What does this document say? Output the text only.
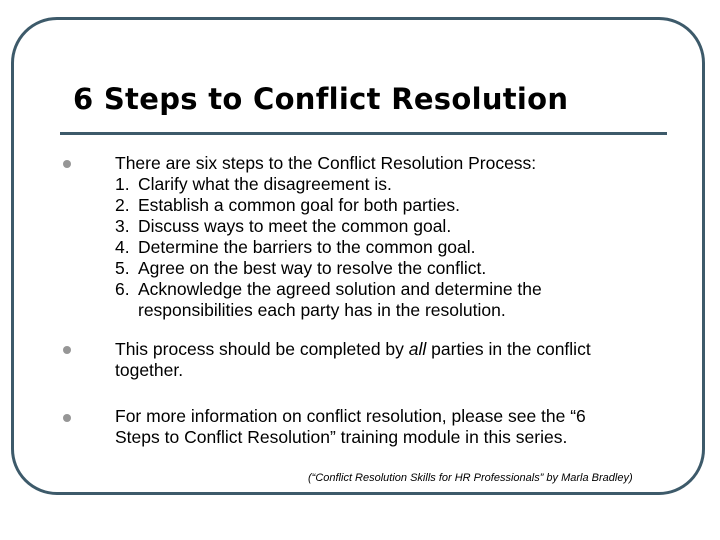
6 Steps to Conflict Resolution

There are six steps to the Conflict Resolution Process:

1. Clarify what the disagreement is.
2. Establish a common goal for both parties.
3. Discuss ways to meet the common goal.
4. Determine the barriers to the common goal.
5. Agree on the best way to resolve the conflict.
6. Acknowledge the agreed solution and determine the
responsibilities each party has in the resolution.

This process should be completed by all parties in the conflict

together.

For more information on conflict resolution, please see the “6

Steps to Conflict Resolution” training module in this series.

(“Conflict Resolution Skills for HR Professionals” by Marla Bradley)
